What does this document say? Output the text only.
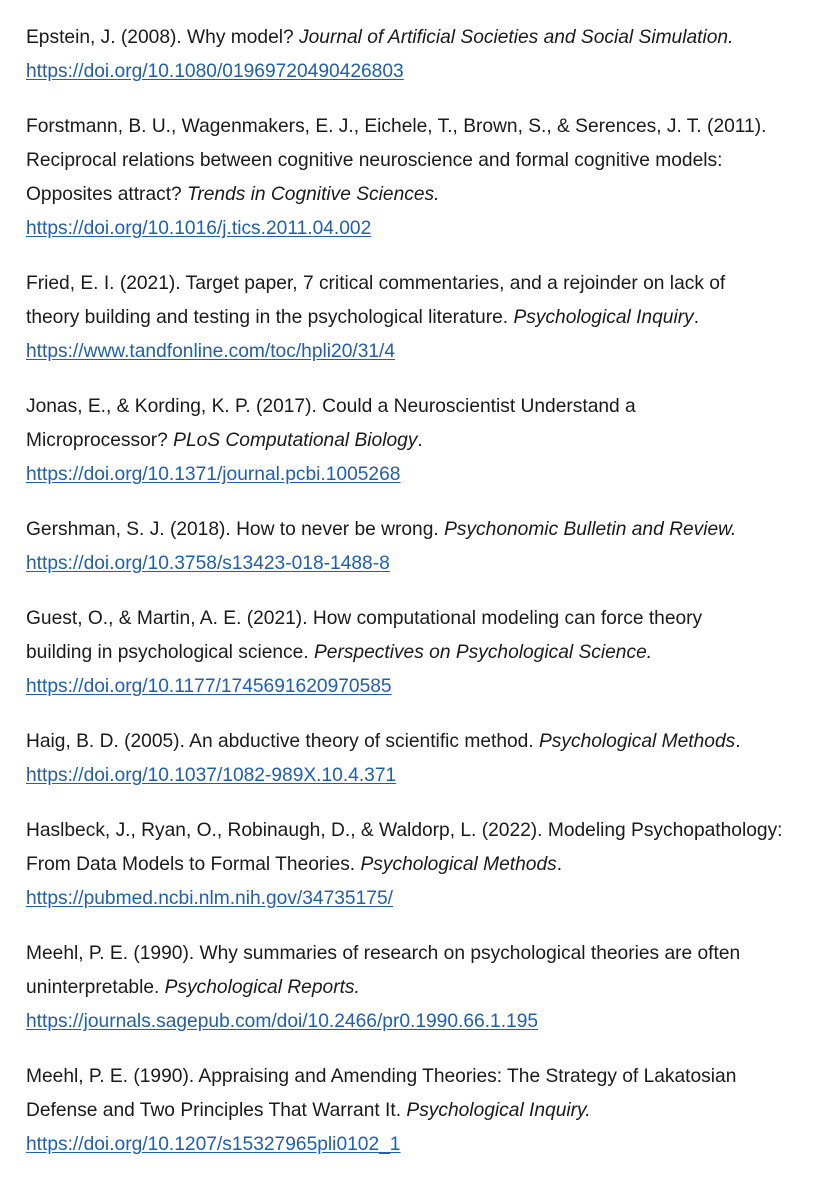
Epstein, J. (2008). Why model? Journal of Artificial Societies and Social Simulation.
https://doi.org/10.1080/01969720490426803
Forstmann, B. U., Wagenmakers, E. J., Eichele, T., Brown, S., & Serences, J. T. (2011).
Reciprocal relations between cognitive neuroscience and formal cognitive models:
Opposites attract? Trends in Cognitive Sciences.
https://doi.org/10.1016/j.tics.2011.04.002
Fried, E. I. (2021). Target paper, 7 critical commentaries, and a rejoinder on lack of
theory building and testing in the psychological literature. Psychological Inquiry.
https://www.tandfonline.com/toc/hpli20/31/4
Jonas, E., & Kording, K. P. (2017). Could a Neuroscientist Understand a
Microprocessor? PLoS Computational Biology.
https://doi.org/10.1371/journal.pcbi.1005268
Gershman, S. J. (2018). How to never be wrong. Psychonomic Bulletin and Review.
https://doi.org/10.3758/s13423-018-1488-8
Guest, O., & Martin, A. E. (2021). How computational modeling can force theory
building in psychological science. Perspectives on Psychological Science.
https://doi.org/10.1177/1745691620970585
Haig, B. D. (2005). An abductive theory of scientific method. Psychological Methods.
https://doi.org/10.1037/1082-989X.10.4.371
Haslbeck, J., Ryan, O., Robinaugh, D., & Waldorp, L. (2022). Modeling Psychopathology:
From Data Models to Formal Theories. Psychological Methods.
https://pubmed.ncbi.nlm.nih.gov/34735175/
Meehl, P. E. (1990). Why summaries of research on psychological theories are often
uninterpretable. Psychological Reports.
https://journals.sagepub.com/doi/10.2466/pr0.1990.66.1.195
Meehl, P. E. (1990). Appraising and Amending Theories: The Strategy of Lakatosian
Defense and Two Principles That Warrant It. Psychological Inquiry.
https://doi.org/10.1207/s15327965pli0102_1
